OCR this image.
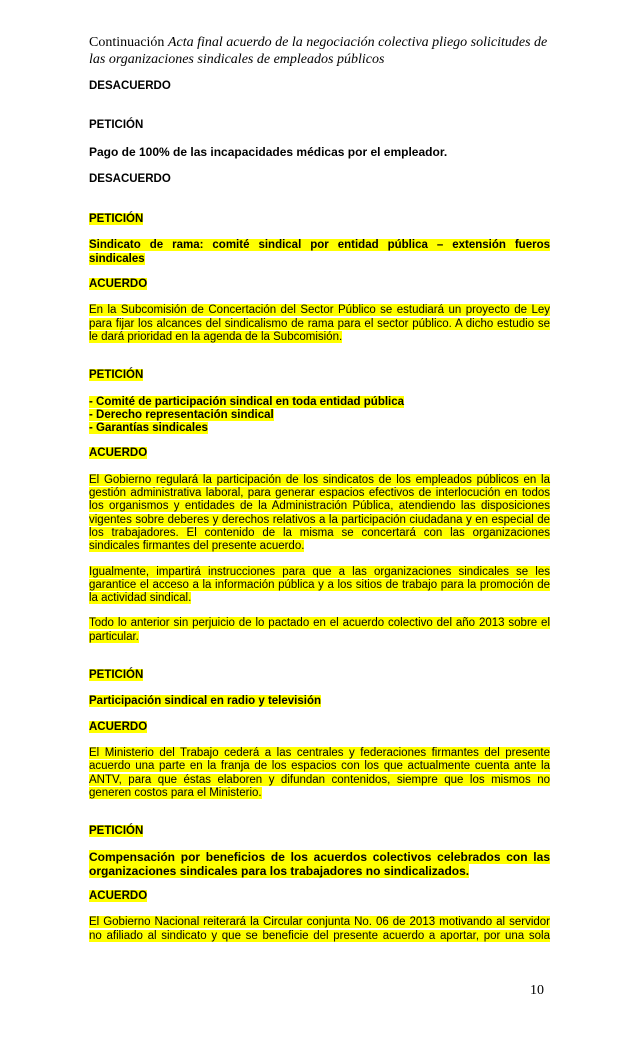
Continuación Acta final acuerdo de la negociación colectiva pliego solicitudes de las organizaciones sindicales de empleados públicos

DESACUERDO

PETICIÓN

Pago de 100% de las incapacidades médicas por el empleador.

DESACUERDO

PETICIÓN

Sindicato de rama: comité sindical por entidad pública – extensión fueros sindicales

ACUERDO

En la Subcomisión de Concertación del Sector Público se estudiará un proyecto de Ley para fijar los alcances del sindicalismo de rama para el sector público. A dicho estudio se le dará prioridad en la agenda de la Subcomisión.

PETICIÓN

- Comité de participación sindical en toda entidad pública

- Derecho representación sindical

- Garantías sindicales

ACUERDO

El Gobierno regulará la participación de los sindicatos de los empleados públicos en la gestión administrativa laboral, para generar espacios efectivos de interlocución en todos los organismos y entidades de la Administración Pública, atendiendo las disposiciones vigentes sobre deberes y derechos relativos a la participación ciudadana y en especial de los trabajadores. El contenido de la misma se concertará con las organizaciones sindicales firmantes del presente acuerdo.

Igualmente, impartirá instrucciones para que a las organizaciones sindicales se les garantice el acceso a la información pública y a los sitios de trabajo para la promoción de la actividad sindical.

Todo lo anterior sin perjuicio de lo pactado en el acuerdo colectivo del año 2013 sobre el particular.

PETICIÓN

Participación sindical en radio y televisión

ACUERDO

El Ministerio del Trabajo cederá a las centrales y federaciones firmantes del presente acuerdo una parte en la franja de los espacios con los que actualmente cuenta ante la ANTV, para que éstas elaboren y difundan contenidos, siempre que los mismos no generen costos para el Ministerio.

PETICIÓN

Compensación por beneficios de los acuerdos colectivos celebrados con las organizaciones sindicales para los trabajadores no sindicalizados.

ACUERDO

El Gobierno Nacional reiterará la Circular conjunta No. 06 de 2013 motivando al servidor no afiliado al sindicato y que se beneficie del presente acuerdo a aportar, por una sola

10
